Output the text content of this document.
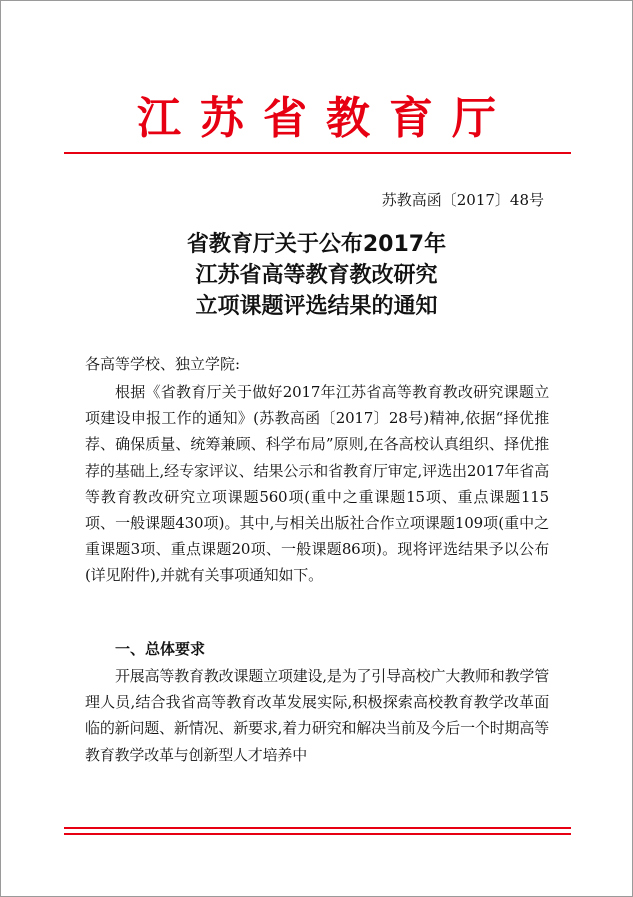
江苏省教育厅
苏教高函〔2017〕48号
省教育厅关于公布2017年
江苏省高等教育教改研究
立项课题评选结果的通知
各高等学校、独立学院:
根据《省教育厅关于做好2017年江苏省高等教育教改研究课题立项建设申报工作的通知》(苏教高函〔2017〕28号)精神,依据“择优推荐、确保质量、统筹兼顾、科学布局”原则,在各高校认真组织、择优推荐的基础上,经专家评议、结果公示和省教育厅审定,评选出2017年省高等教育教改研究立项课题560项(重中之重课题15项、重点课题115项、一般课题430项)。其中,与相关出版社合作立项课题109项(重中之重课题3项、重点课题20项、一般课题86项)。现将评选结果予以公布(详见附件),并就有关事项通知如下。
一、总体要求
开展高等教育教改课题立项建设,是为了引导高校广大教师和教学管理人员,结合我省高等教育改革发展实际,积极探索高校教育教学改革面临的新问题、新情况、新要求,着力研究和解决当前及今后一个时期高等教育教学改革与创新型人才培养中
